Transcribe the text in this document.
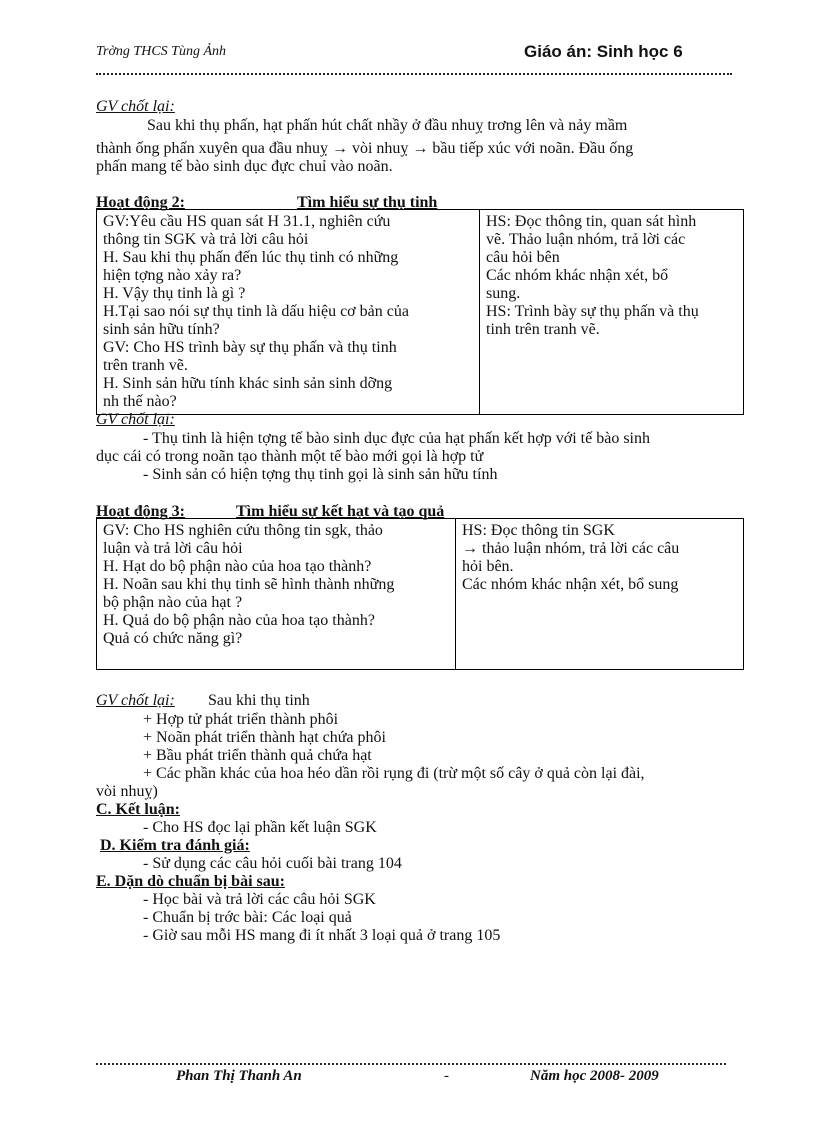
Trờng THCS Tùng Ảnh	Giáo án: Sinh học 6
GV chốt lại:
Sau khi thụ phấn, hạt phấn hút chất nhầy ở đầu nhuỵ trơng lên và nảy mầm
thành ống phấn xuyên qua đầu nhuỵ → vòi nhuỵ → bầu tiếp xúc với noãn. Đầu ống
phấn mang tế bào sinh dục đực chuỉ vào noãn.
Hoạt động 2:	Tìm hiểu sự thụ tinh
GV:Yêu cầu HS quan sát H 31.1, nghiên cứu
thông tin SGK và trả lời câu hỏi
H. Sau khi thụ phấn đến lúc thụ tinh có những
hiện tợng nào xảy ra?
H. Vậy thụ tinh là gì ?
H.Tại sao nói sự thụ tinh là dấu hiệu cơ bản của
sinh sản hữu tính?
GV: Cho HS trình bày sự thụ phấn và thụ tinh
trên tranh vẽ.
H. Sinh sản hữu tính khác sinh sản sinh dỡng
nh thế nào?

HS: Đọc thông tin, quan sát hình
vẽ. Thảo luận nhóm, trả lời các
câu hỏi bên
Các nhóm khác nhận xét, bổ
sung.
HS: Trình bày sự thụ phấn và thụ
tinh trên tranh vẽ.
GV chốt lại:
- Thụ tinh là hiện tợng tế bào sinh dục đực của hạt phấn kết hợp với tế bào sinh
dục cái có trong noãn tạo thành một tế bào mới gọi là hợp tử
- Sinh sản có hiện tợng thụ tinh gọi là sinh sản hữu tính
Hoạt động 3:	Tìm hiểu sự kết hạt và tạo quả
GV: Cho HS nghiên cứu thông tin sgk, thảo
luận và trả lời câu hỏi
H. Hạt do bộ phận nào của hoa tạo thành?
H. Noãn sau khi thụ tinh sẽ hình thành những
bộ phận nào của hạt ?
H. Quả do bộ phận nào của hoa tạo thành?
Quả có chức năng gì?

HS: Đọc thông tin SGK
→ thảo luận nhóm, trả lời các câu
hỏi bên.
Các nhóm khác nhận xét, bổ sung
GV chốt lại: Sau khi thụ tinh
+ Hợp tử phát triển thành phôi
+ Noãn phát triển thành hạt chứa phôi
+ Bầu phát triển thành quả chứa hạt
+ Các phần khác của hoa héo dần rồi rụng đi (trừ một số cây ở quả còn lại đài,
vòi nhuỵ)
C. Kết luận:
- Cho HS đọc lại phần kết luận SGK
D. Kiểm tra đánh giá:
- Sử dụng các câu hỏi cuối bài trang 104
E. Dặn dò chuẩn bị bài sau:
- Học bài và trả lời các câu hỏi SGK
- Chuẩn bị trớc bài: Các loại quả
- Giờ sau mỗi HS mang đi ít nhất 3 loại quả ở trang 105
Phan Thị Thanh An	-	Năm học 2008- 2009
